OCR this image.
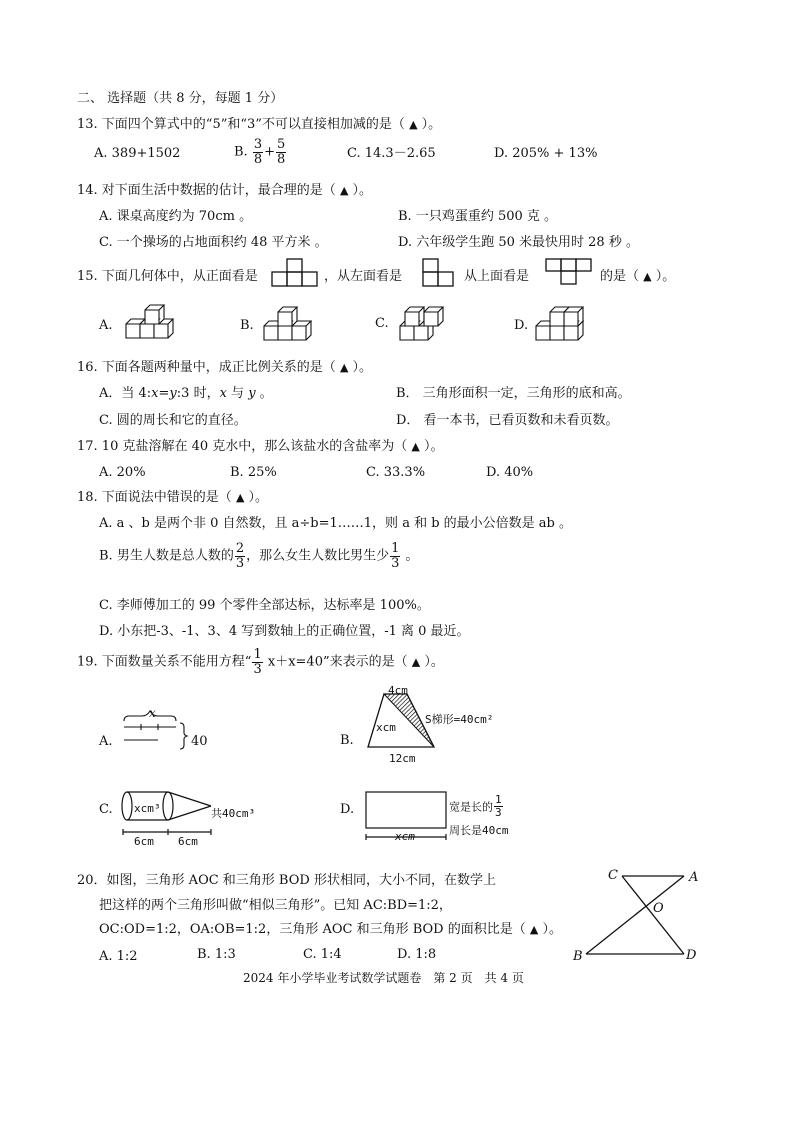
二、 选择题（共 8 分，每题 1 分）
13. 下面四个算式中的“5”和“3”不可以直接相加减的是（ ▲ ）。
A. 389+1502	B. $\frac{3}{8} + \frac{5}{8}$	C. 14.3－2.65	D. 205% + 13%
14. 对下面生活中数据的估计，最合理的是（ ▲ ）。
A. 课桌高度约为 70cm 。	B. 一只鸡蛋重约 500 克 。
C. 一个操场的占地面积约 48 平方米 。	D. 六年级学生跑 50 米最快用时 28 秒 。
15. 下面几何体中，从正面看是	，从左面看是	从上面看是	的是（ ▲ ）。
A.	B.	C.	D.
16. 下面各题两种量中，成正比例关系的是（ ▲ ）。
A．当 4:x=y:3 时，x 与 y 。	B． 三角形面积一定，三角形的底和高。
C. 圆的周长和它的直径。	D． 看一本书，已看页数和未看页数。
17. 10 克盐溶解在 40 克水中，那么该盐水的含盐率为（ ▲ ）。
A. 20%	B. 25%	C. 33.3%	D. 40%
18. 下面说法中错误的是（ ▲ ）。
A. a 、b 是两个非 0 自然数，且 a÷b=1……1，则 a 和 b 的最小公倍数是 ab 。
B. 男生人数是总人数的 $\frac{2}{3}$ ，那么女生人数比男生少 $\frac{1}{3}$ 。
C. 李师傅加工的 99 个零件全部达标，达标率是 100%。
D. 小东把-3、-1、3、4 写到数轴上的正确位置，-1 离 0 最近。
19. 下面数量关系不能用方程“ $\frac{1}{3} x+x=40$”来表示的是（ ▲ ）。
A.
x
40	B.
4cm
xcm
S梯形=40cm²
12cm
C. xcm³	共40cm³
6cm 6cm
D.	宽是长的 $\frac{1}{3}$
周长是40cm
xcm
20．如图，三角形 AOC 和三角形 BOD 形状相同，大小不同，在数学上
把这样的两个三角形叫做“相似三角形”。已知 AC:BD=1:2，
OC:OD=1:2，OA:OB=1:2，三角形 AOC 和三角形 BOD 的面积比是（ ▲ ）。
A. 1:2	B. 1:3	C. 1:4	D. 1:8
C	A
O
B	D
2024 年小学毕业考试数学试题卷　第 2 页　共 4 页
